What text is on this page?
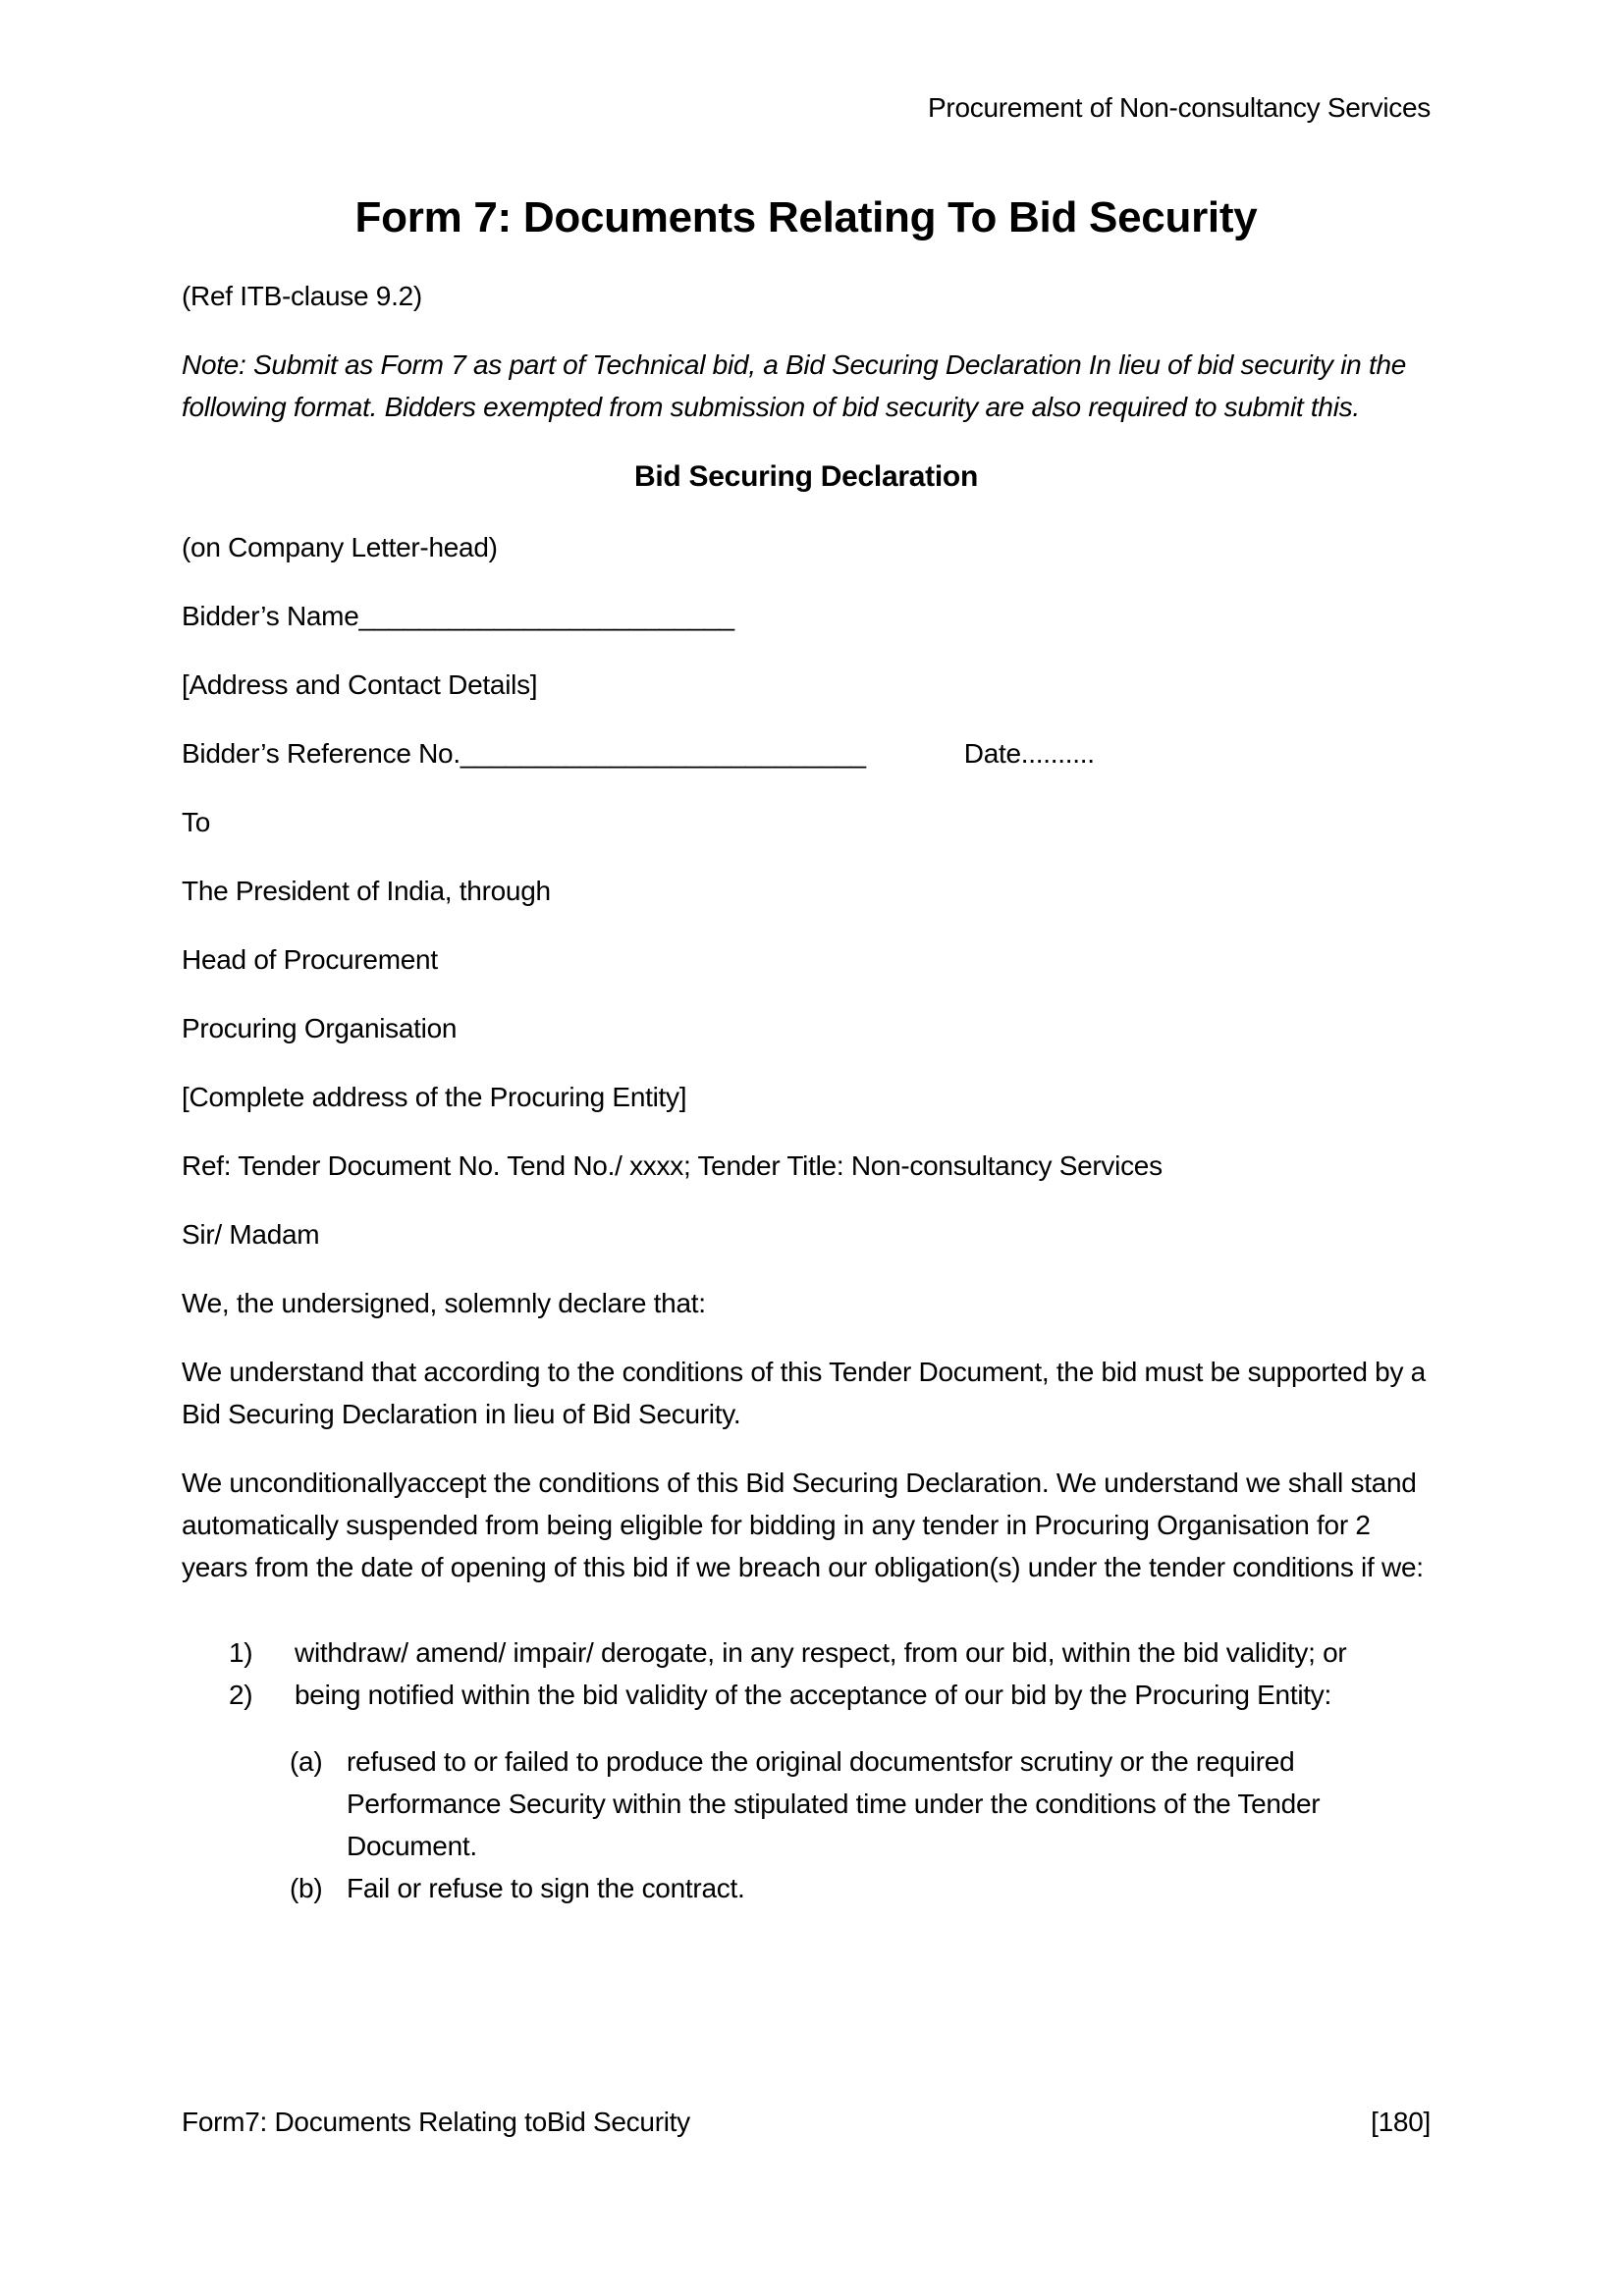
Procurement of Non-consultancy Services
Form 7: Documents Relating To Bid Security
(Ref ITB-clause 9.2)
Note: Submit as Form 7 as part of Technical bid, a Bid Securing Declaration In lieu of bid security in the following format. Bidders exempted from submission of bid security are also required to submit this.
Bid Securing Declaration
(on Company Letter-head)
Bidder’s Name_________________________
[Address and Contact Details]
Bidder’s Reference No.___________________________	Date..........
To
The President of India, through
Head of Procurement
Procuring Organisation
[Complete address of the Procuring Entity]
Ref: Tender Document No. Tend No./ xxxx; Tender Title: Non-consultancy Services
Sir/ Madam
We, the undersigned, solemnly declare that:
We understand that according to the conditions of this Tender Document, the bid must be supported by a Bid Securing Declaration in lieu of Bid Security.
We unconditionallyaccept the conditions of this Bid Securing Declaration. We understand we shall stand automatically suspended from being eligible for bidding in any tender in Procuring Organisation for 2 years from the date of opening of this bid if we breach our obligation(s) under the tender conditions if we:
1)	withdraw/ amend/ impair/ derogate, in any respect, from our bid, within the bid validity; or
2)	being notified within the bid validity of the acceptance of our bid by the Procuring Entity:
(a) refused to or failed to produce the original documentsfor scrutiny or the required Performance Security within the stipulated time under the conditions of the Tender Document.
(b) Fail or refuse to sign the contract.
Form7: Documents Relating toBid Security	[180]
